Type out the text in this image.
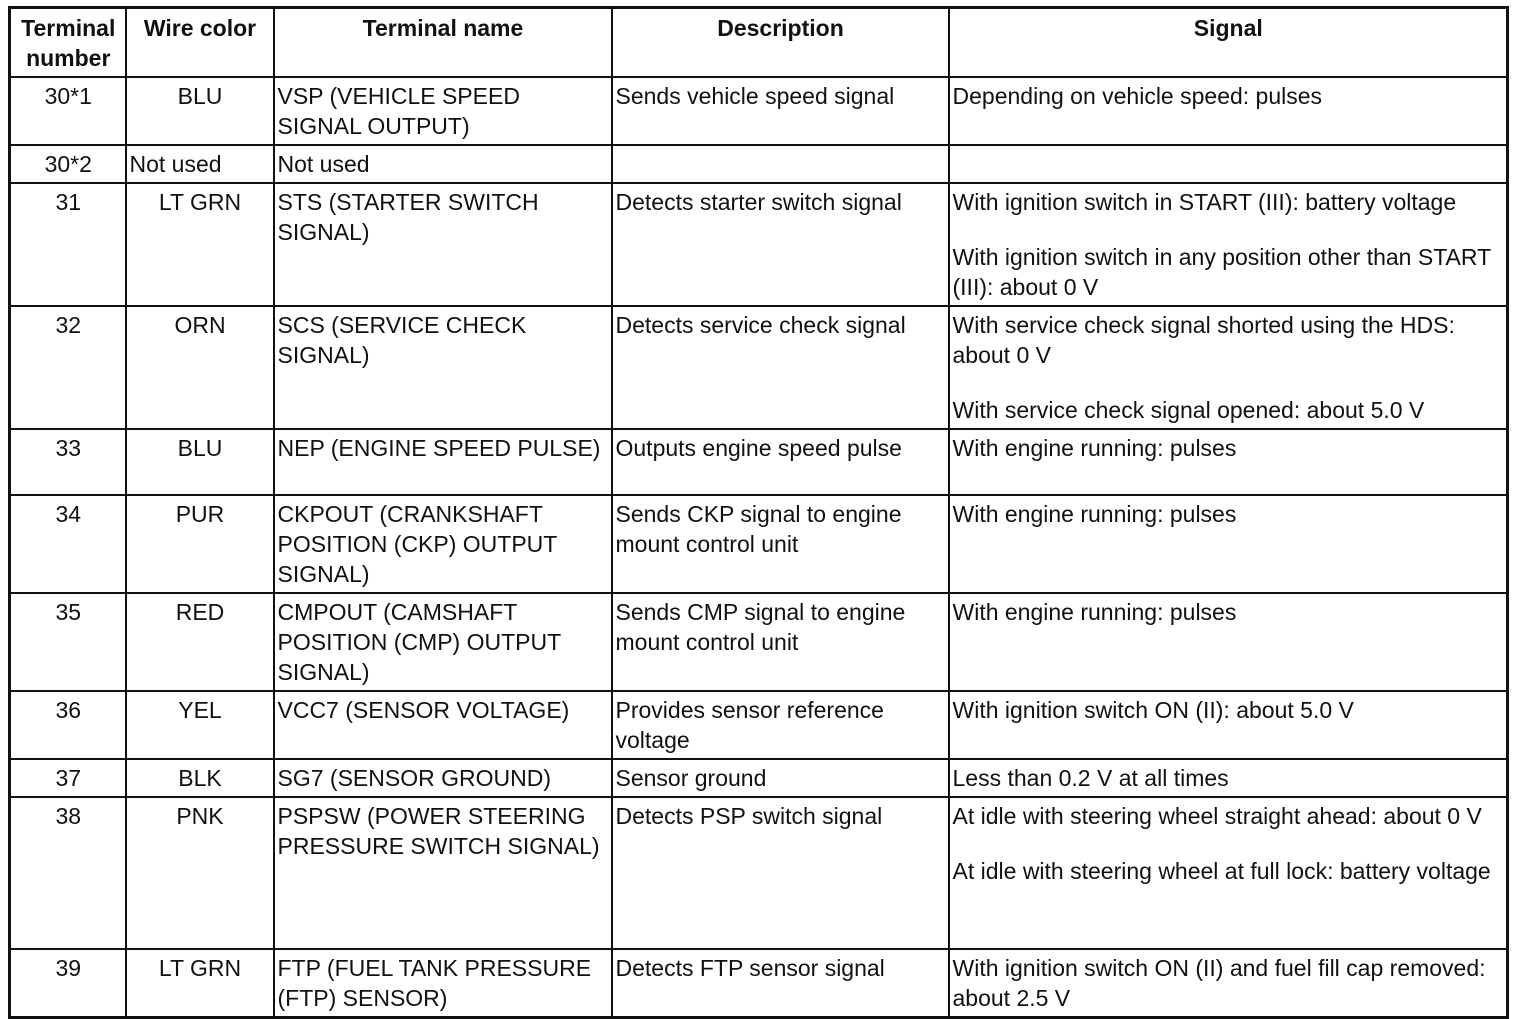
Terminal
number	Wire color	Terminal name	Description	Signal
30*1	BLU	VSP (VEHICLE SPEED SIGNAL OUTPUT)	Sends vehicle speed signal	Depending on vehicle speed: pulses

30*2	Not used	Not used		

31	LT GRN	STS (STARTER SWITCH SIGNAL)	Detects starter switch signal	With ignition switch in START (III): battery voltage

With ignition switch in any position other than START (III): about 0 V

32	ORN	SCS (SERVICE CHECK SIGNAL)	Detects service check signal	With service check signal shorted using the HDS: about 0 V

With service check signal opened: about 5.0 V

33	BLU	NEP (ENGINE SPEED PULSE)	Outputs engine speed pulse	With engine running: pulses

34	PUR	CKPOUT (CRANKSHAFT POSITION (CKP) OUTPUT SIGNAL)	Sends CKP signal to engine mount control unit	With engine running: pulses

35	RED	CMPOUT (CAMSHAFT POSITION (CMP) OUTPUT SIGNAL)	Sends CMP signal to engine mount control unit	With engine running: pulses

36	YEL	VCC7 (SENSOR VOLTAGE)	Provides sensor reference voltage	With ignition switch ON (II): about 5.0 V

37	BLK	SG7 (SENSOR GROUND)	Sensor ground	Less than 0.2 V at all times

38	PNK	PSPSW (POWER STEERING PRESSURE SWITCH SIGNAL)	Detects PSP switch signal	At idle with steering wheel straight ahead: about 0 V

At idle with steering wheel at full lock: battery voltage

39	LT GRN	FTP (FUEL TANK PRESSURE (FTP) SENSOR)	Detects FTP sensor signal	With ignition switch ON (II) and fuel fill cap removed: about 2.5 V
